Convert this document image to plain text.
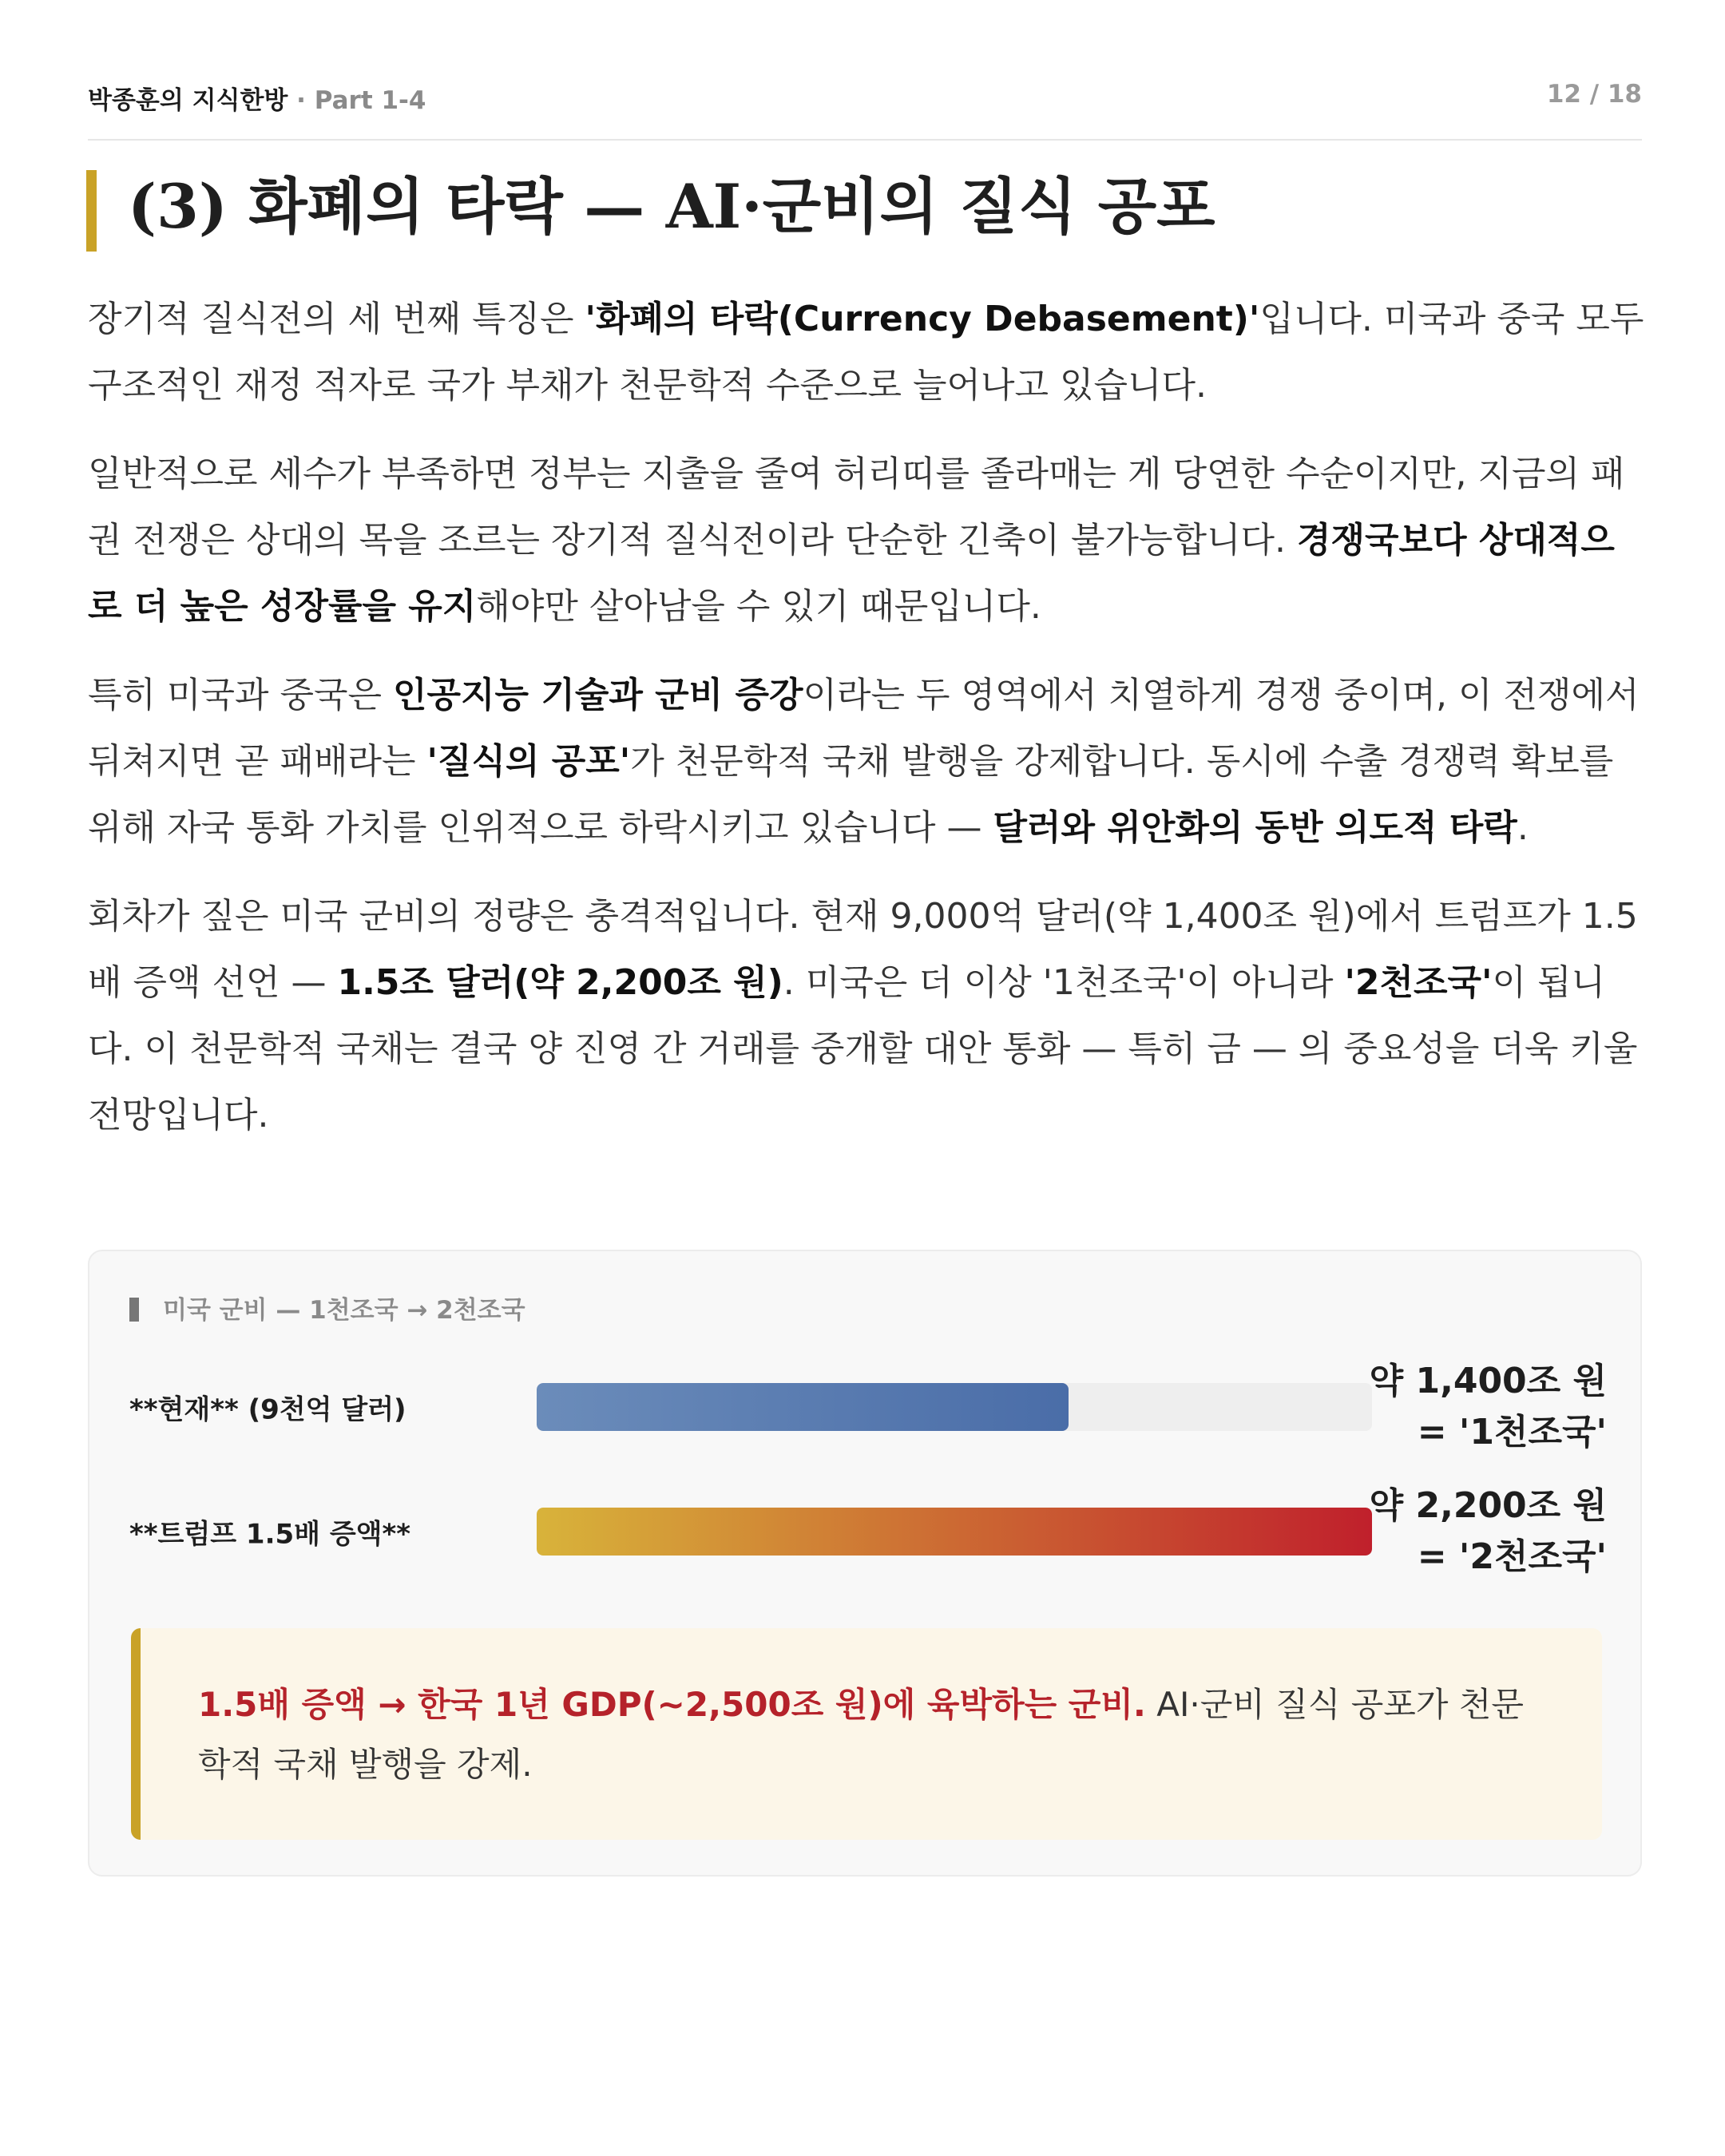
박종훈의 지식한방 · Part 1-4	12 / 18
(3) 화폐의 타락 — AI·군비의 질식 공포

장기적 질식전의 세 번째 특징은 '화폐의 타락(Currency Debasement)'입니다. 미국과 중국 모두 구조적인 재정 적자로 국가 부채가 천문학적 수준으로 늘어나고 있습니다.

일반적으로 세수가 부족하면 정부는 지출을 줄여 허리띠를 졸라매는 게 당연한 수순이지만, 지금의 패권 전쟁은 상대의 목을 조르는 장기적 질식전이라 단순한 긴축이 불가능합니다. 경쟁국보다 상대적으로 더 높은 성장률을 유지해야만 살아남을 수 있기 때문입니다.

특히 미국과 중국은 인공지능 기술과 군비 증강이라는 두 영역에서 치열하게 경쟁 중이며, 이 전쟁에서 뒤쳐지면 곧 패배라는 '질식의 공포'가 천문학적 국채 발행을 강제합니다. 동시에 수출 경쟁력 확보를 위해 자국 통화 가치를 인위적으로 하락시키고 있습니다 — 달러와 위안화의 동반 의도적 타락.

회차가 짚은 미국 군비의 정량은 충격적입니다. 현재 9,000억 달러(약 1,400조 원)에서 트럼프가 1.5배 증액 선언 — 1.5조 달러(약 2,200조 원). 미국은 더 이상 '1천조국'이 아니라 '2천조국'이 됩니다. 이 천문학적 국채는 결국 양 진영 간 거래를 중개할 대안 통화 — 특히 금 — 의 중요성을 더욱 키울 전망입니다.

미국 군비 — 1천조국 → 2천조국
**현재** (9천억 달러)
약 1,400조 원
= '1천조국'
**트럼프 1.5배 증액**
약 2,200조 원
= '2천조국'
1.5배 증액 → 한국 1년 GDP(~2,500조 원)에 육박하는 군비. AI·군비 질식 공포가 천문학적 국채 발행을 강제.
